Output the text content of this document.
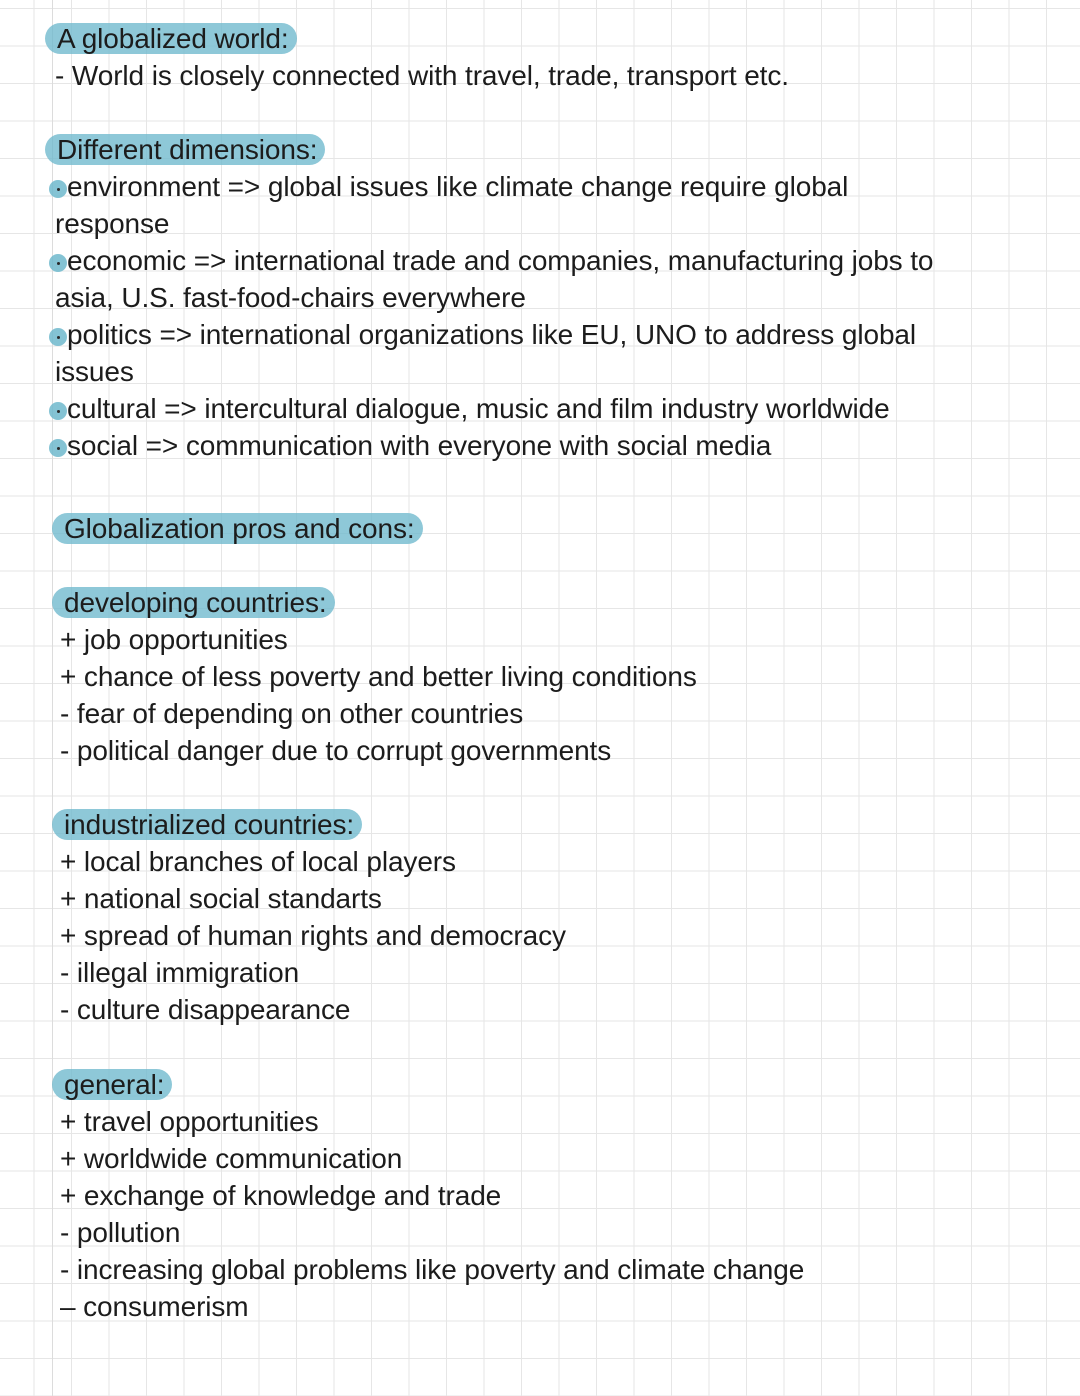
A globalized world:
- World is closely connected with travel, trade, transport etc.
Different dimensions:
environment => global issues like climate change require global
response
economic => international trade and companies, manufacturing jobs to
asia, U.S. fast-food-chairs everywhere
politics => international organizations like EU, UNO to address global
issues
cultural => intercultural dialogue, music and film industry worldwide
social => communication with everyone with social media
Globalization pros and cons:
developing countries:
+ job opportunities
+ chance of less poverty and better living conditions
- fear of depending on other countries
- political danger due to corrupt governments
industrialized countries:
+ local branches of local players
+ national social standarts
+ spread of human rights and democracy
- illegal immigration
- culture disappearance
general:
+ travel opportunities
+ worldwide communication
+ exchange of knowledge and trade
- pollution
- increasing global problems like poverty and climate change
– consumerism
